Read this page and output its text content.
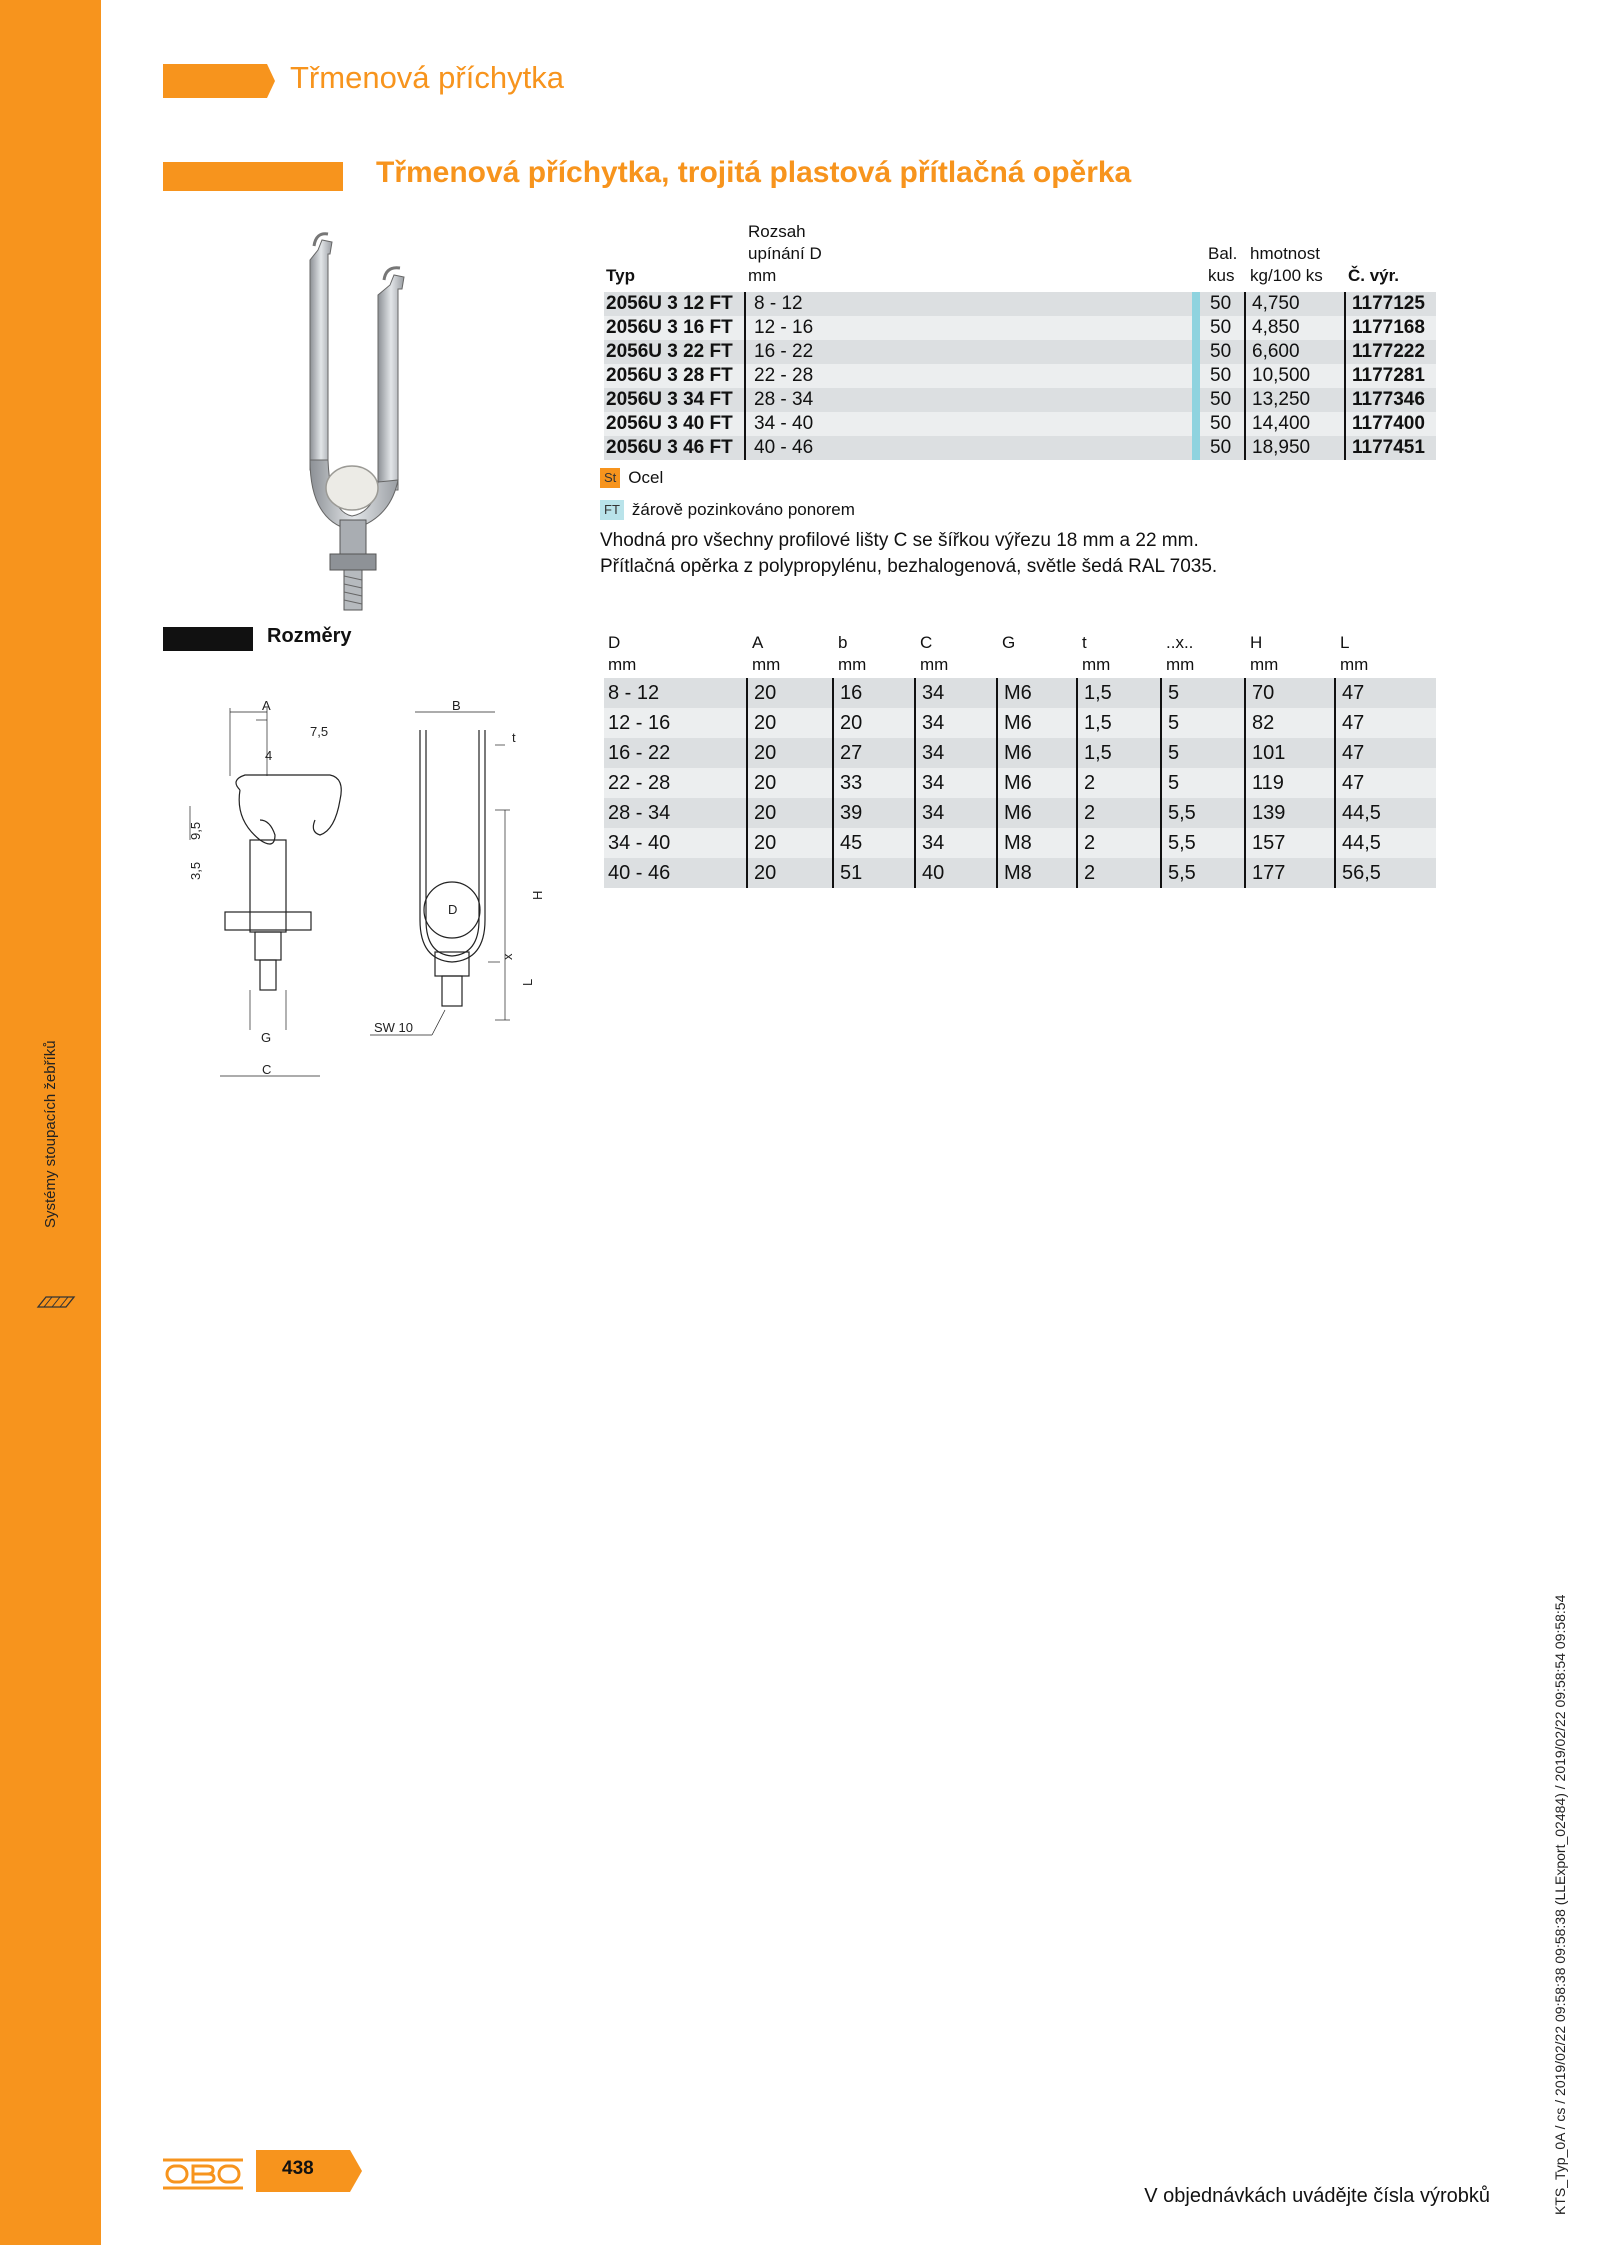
Systémy stoupacích žebříků
Třmenová příchytka
Třmenová příchytka, trojitá plastová přítlačná opěrka
Rozsah
upínání D
Typ	mm
Bal.
kus
hmotnost
kg/100 ks Č. výr.
2056U 3 12 FT	8 - 12	50	4,750	1177125
2056U 3 16 FT	12 - 16	50	4,850	1177168
2056U 3 22 FT	16 - 22	50	6,600	1177222
2056U 3 28 FT	22 - 28	50	10,500	1177281
2056U 3 34 FT	28 - 34	50	13,250	1177346
2056U 3 40 FT	34 - 40	50	14,400	1177400
2056U 3 46 FT	40 - 46	50	18,950	1177451
St Ocel
FT žárově pozinkováno ponorem
Vhodná pro všechny profilové lišty C se šířkou výřezu 18 mm a 22 mm.
Přítlačná opěrka z polypropylénu, bezhalogenová, světle šedá RAL 7035.
Rozměry
A
7,5
4
9,5
3,5
G
C
B
t
D
H
x
L
SW 10
D
mm
A
mm
b
mm
C
mm
G	t
mm
..x..
mm
H
mm
L
mm
8 - 12	20	16	34	M6	1,5	5	70	47
12 - 16	20	20	34	M6	1,5	5	82	47
16 - 22	20	27	34	M6	1,5	5	101	47
22 - 28	20	33	34	M6	2	5	119	47
28 - 34	20	39	34	M6	2	5,5	139	44,5
34 - 40	20	45	34	M8	2	5,5	157	44,5
40 - 46	20	51	40	M8	2	5,5	177	56,5
438
V objednávkách uvádějte čísla výrobků	KTS_Typ_0A / cs / 2019/02/22 09:58:38 09:58:38 (LLExport_02484) / 2019/02/22 09:58:54 09:58:54
